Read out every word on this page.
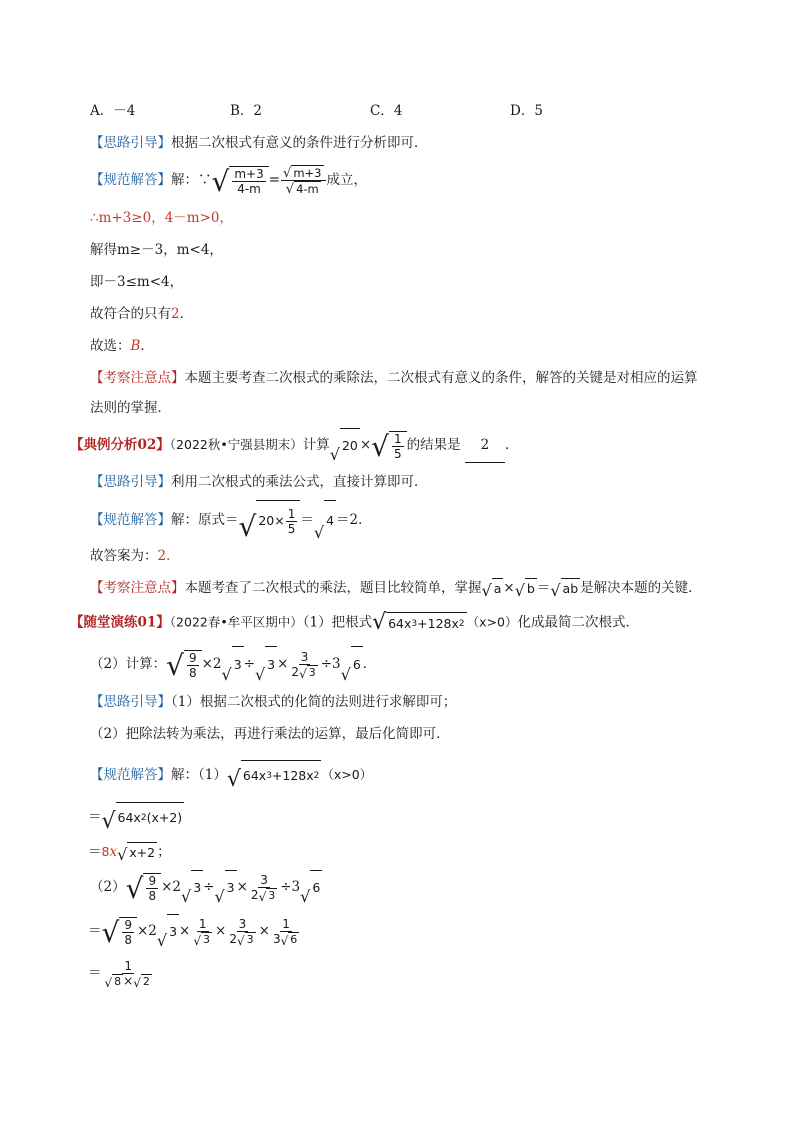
A．－4	B．2	C．4	D．5
【思路引导】根据二次根式有意义的条件进行分析即可．
【规范解答】解：∵ √ $\frac{m+3}{4-m} = \frac{√ m+3}{√ 4-m}$ 成立，
∴m+3≥0，4－m>0，
解得m≥－3，m<4，
即－3≤m<4，
故符合的只有2．
故选：B．
【考察注意点】本题主要考查二次根式的乘除法，二次根式有意义的条件，解答的关键是对相应的运算
法则的掌握．
【典例分析02】（2022秋•宁强县期末）计算 √ 20 × √ $\frac{1}{5}$ 的结果是 2 ．
【思路引导】利用二次根式的乘法公式，直接计算即可．
【规范解答】解：原式＝ √ $20 \times \frac{1}{5}$ ＝
√
4 ＝2．
故答案为：2．
【考察注意点】本题考查了二次根式的乘法，题目比较简单，掌握 √ a × √ b ＝ √ ab 是解决本题的关键．
【随堂演练01】（2022春•牟平区期中）（1）把根式 √ 64x 3 +128x 2 （x>0）化成最简二次根式．
（2）计算： √ $\frac{9}{8} \times 2$
√
3 ÷
√
$3 \times \frac{3}{2 √ 3} \div 3$
√
6 ．
【思路引导】（1）根据二次根式的化简的法则进行求解即可；
（2）把除法转为乘法，再进行乘法的运算，最后化简即可．
【规范解答】解：（1） √ 64x 3 +128x 2 （x>0）
＝ √ 64x 2 (x+2)
＝8x √ x+2 ；
（2） √ $\frac{9}{8} \times 2$ √ 3 ÷ √ $3 \times \frac{3}{2 √ 3} \div 3$ √ 6
＝ √ $\frac{9}{8} \times 2$ √ $3 \times \frac{1}{√ 3} \times \frac{3}{2 √ 3} \times \frac{1}{3 √ 6}$
＝ $\frac{1}{√ 8 \times √ 2}$
